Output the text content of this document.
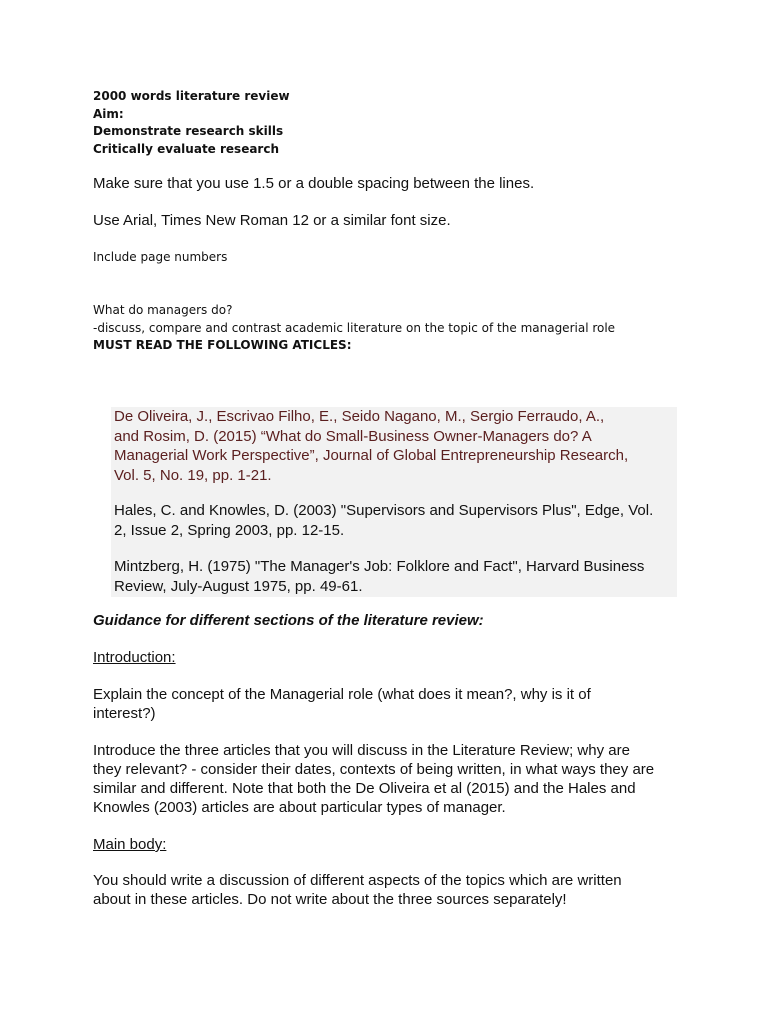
2000 words literature review
Aim:
Demonstrate research skills
Critically evaluate research
Make sure that you use 1.5 or a double spacing between the lines.
Use Arial, Times New Roman 12 or a similar font size.
Include page numbers
What do managers do?
-discuss, compare and contrast academic literature on the topic of the managerial role
MUST READ THE FOLLOWING ATICLES:
De Oliveira, J., Escrivao Filho, E., Seido Nagano, M., Sergio Ferraudo, A.,
and Rosim, D. (2015) “What do Small-Business Owner-Managers do? A
Managerial Work Perspective”, Journal of Global Entrepreneurship Research,
Vol. 5, No. 19, pp. 1-21.
Hales, C. and Knowles, D. (2003) "Supervisors and Supervisors Plus", Edge, Vol.
2, Issue 2, Spring 2003, pp. 12-15.
Mintzberg, H. (1975) "The Manager's Job: Folklore and Fact", Harvard Business
Review, July-August 1975, pp. 49-61.
Guidance for different sections of the literature review:
Introduction:
Explain the concept of the Managerial role (what does it mean?, why is it of
interest?)
Introduce the three articles that you will discuss in the Literature Review; why are
they relevant? - consider their dates, contexts of being written, in what ways they are
similar and different. Note that both the De Oliveira et al (2015) and the Hales and
Knowles (2003) articles are about particular types of manager.
Main body:
You should write a discussion of different aspects of the topics which are written
about in these articles. Do not write about the three sources separately!
